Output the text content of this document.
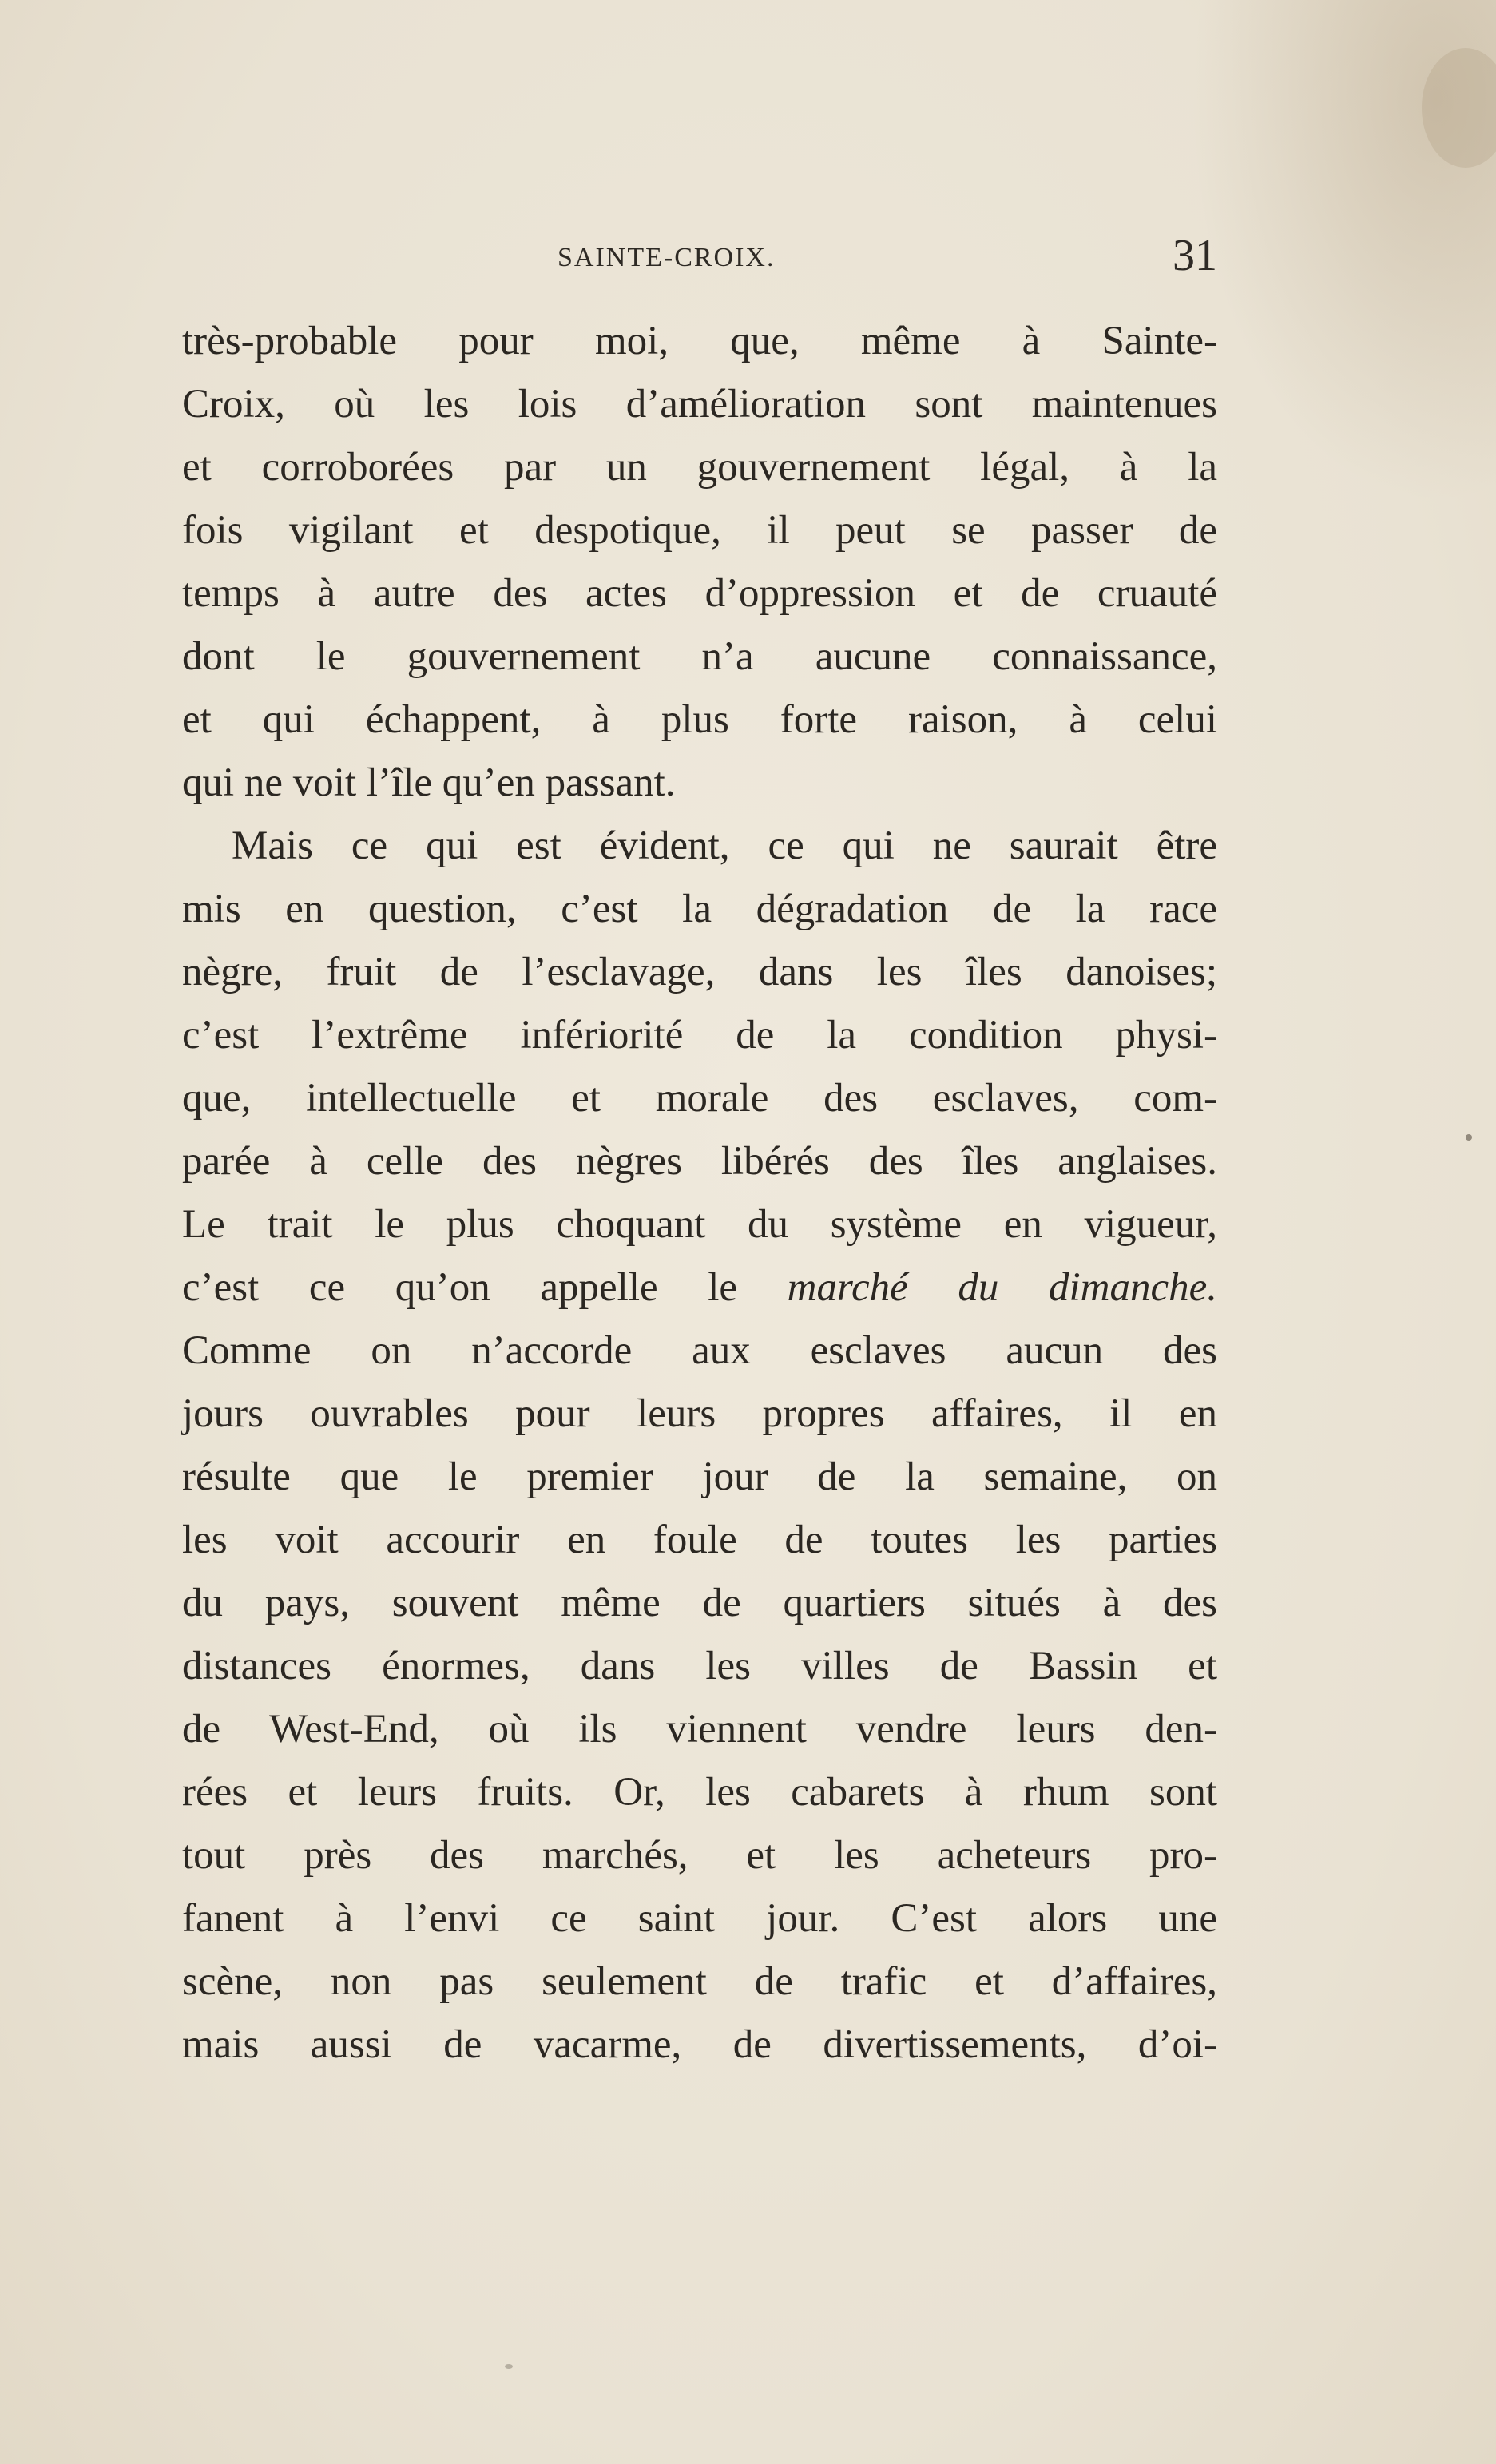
SAINTE-CROIX.	31
très-probable pour moi, que, même à Sainte-
Croix, où les lois d’amélioration sont maintenues
et corroborées par un gouvernement légal, à la
fois vigilant et despotique, il peut se passer de
temps à autre des actes d’oppression et de cruauté
dont le gouvernement n’a aucune connaissance,
et qui échappent, à plus forte raison, à celui
qui ne voit l’île qu’en passant.
Mais ce qui est évident, ce qui ne saurait être
mis en question, c’est la dégradation de la race
nègre, fruit de l’esclavage, dans les îles danoises;
c’est l’extrême infériorité de la condition physi-
que, intellectuelle et morale des esclaves, com-
parée à celle des nègres libérés des îles anglaises.
Le trait le plus choquant du système en vigueur,
c’est ce qu’on appelle le marché du dimanche.
Comme on n’accorde aux esclaves aucun des
jours ouvrables pour leurs propres affaires, il en
résulte que le premier jour de la semaine, on
les voit accourir en foule de toutes les parties
du pays, souvent même de quartiers situés à des
distances énormes, dans les villes de Bassin et
de West-End, où ils viennent vendre leurs den-
rées et leurs fruits. Or, les cabarets à rhum sont
tout près des marchés, et les acheteurs pro-
fanent à l’envi ce saint jour. C’est alors une
scène, non pas seulement de trafic et d’affaires,
mais aussi de vacarme, de divertissements, d’oi-
